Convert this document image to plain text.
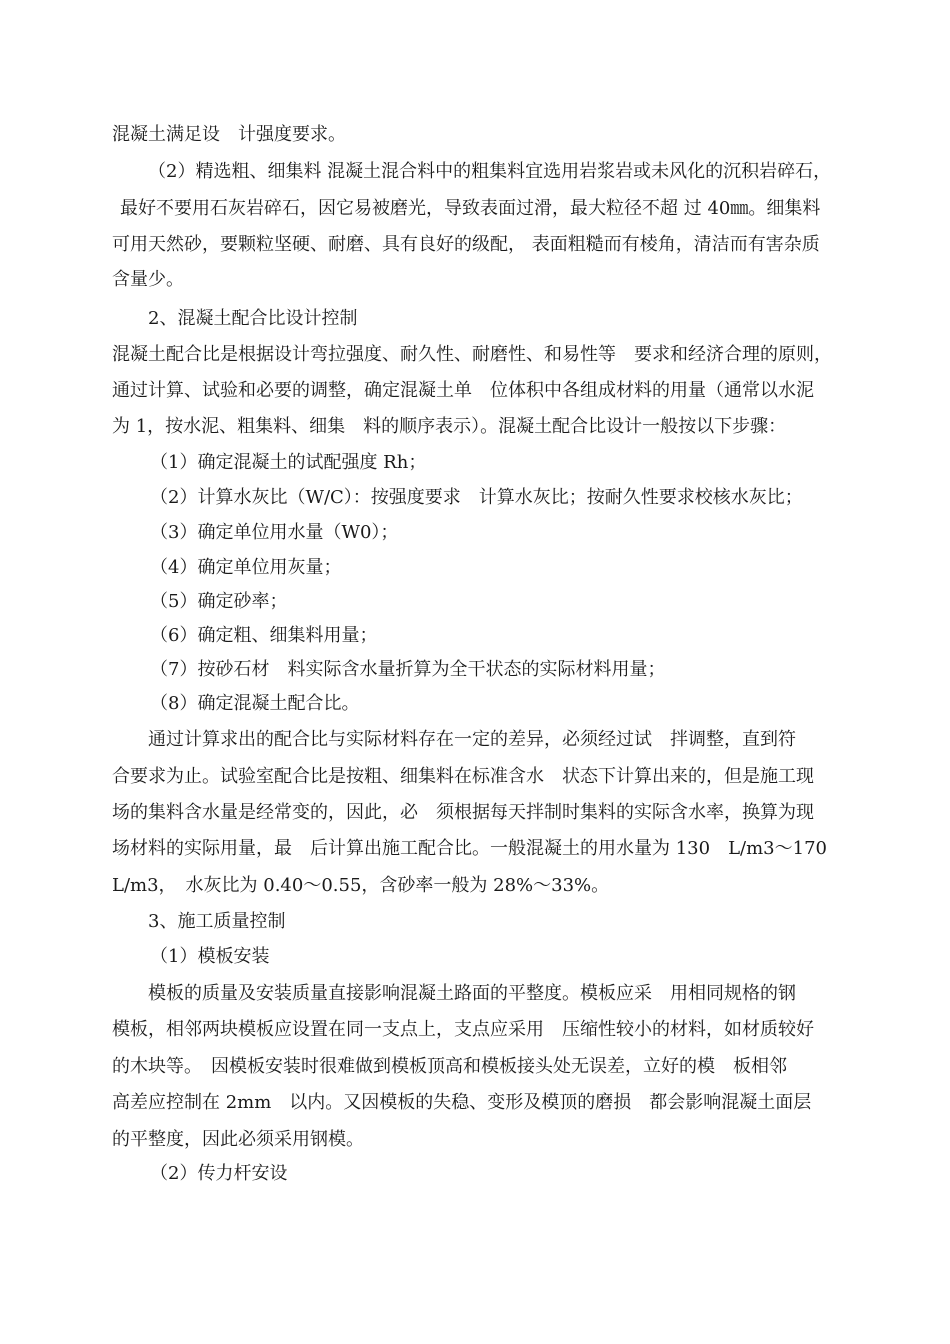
混凝土满足设　计强度要求。

（2）精选粗、细集料 混凝土混合料中的粗集料宜选用岩浆岩或未风化的沉积岩碎石，

最好不要用石灰岩碎石，因它易被磨光，导致表面过滑，最大粒径不超 过 40㎜。细集料

可用天然砂，要颗粒坚硬、耐磨、具有良好的级配， 表面粗糙而有棱角，清洁而有害杂质

含量少。

2、混凝土配合比设计控制

混凝土配合比是根据设计弯拉强度、耐久性、耐磨性、和易性等　要求和经济合理的原则，

通过计算、试验和必要的调整，确定混凝土单　位体积中各组成材料的用量（通常以水泥

为 1，按水泥、粗集料、细集　料的顺序表示）。混凝土配合比设计一般按以下步骤：

（1）确定混凝土的试配强度 Rh；

（2）计算水灰比（W/C）：按强度要求　计算水灰比；按耐久性要求校核水灰比；

（3）确定单位用水量（W0）；

（4）确定单位用灰量；

（5）确定砂率；

（6）确定粗、细集料用量；

（7）按砂石材　料实际含水量折算为全干状态的实际材料用量；

（8）确定混凝土配合比。

通过计算求出的配合比与实际材料存在一定的差异，必须经过试　拌调整，直到符

合要求为止。试验室配合比是按粗、细集料在标准含水　状态下计算出来的，但是施工现

场的集料含水量是经常变的，因此，必　须根据每天拌制时集料的实际含水率，换算为现

场材料的实际用量，最　后计算出施工配合比。一般混凝土的用水量为 130　L/m3～170

L/m3，　水灰比为 0.40～0.55，含砂率一般为 28%～33%。

3、施工质量控制

（1）模板安装

模板的质量及安装质量直接影响混凝土路面的平整度。模板应采　用相同规格的钢

模板，相邻两块模板应设置在同一支点上，支点应采用　压缩性较小的材料，如材质较好

的木块等。　因模板安装时很难做到模板顶高和模板接头处无误差，立好的模　板相邻

高差应控制在 2mm　以内。又因模板的失稳、变形及模顶的磨损　都会影响混凝土面层

的平整度，因此必须采用钢模。

（2）传力杆安设
